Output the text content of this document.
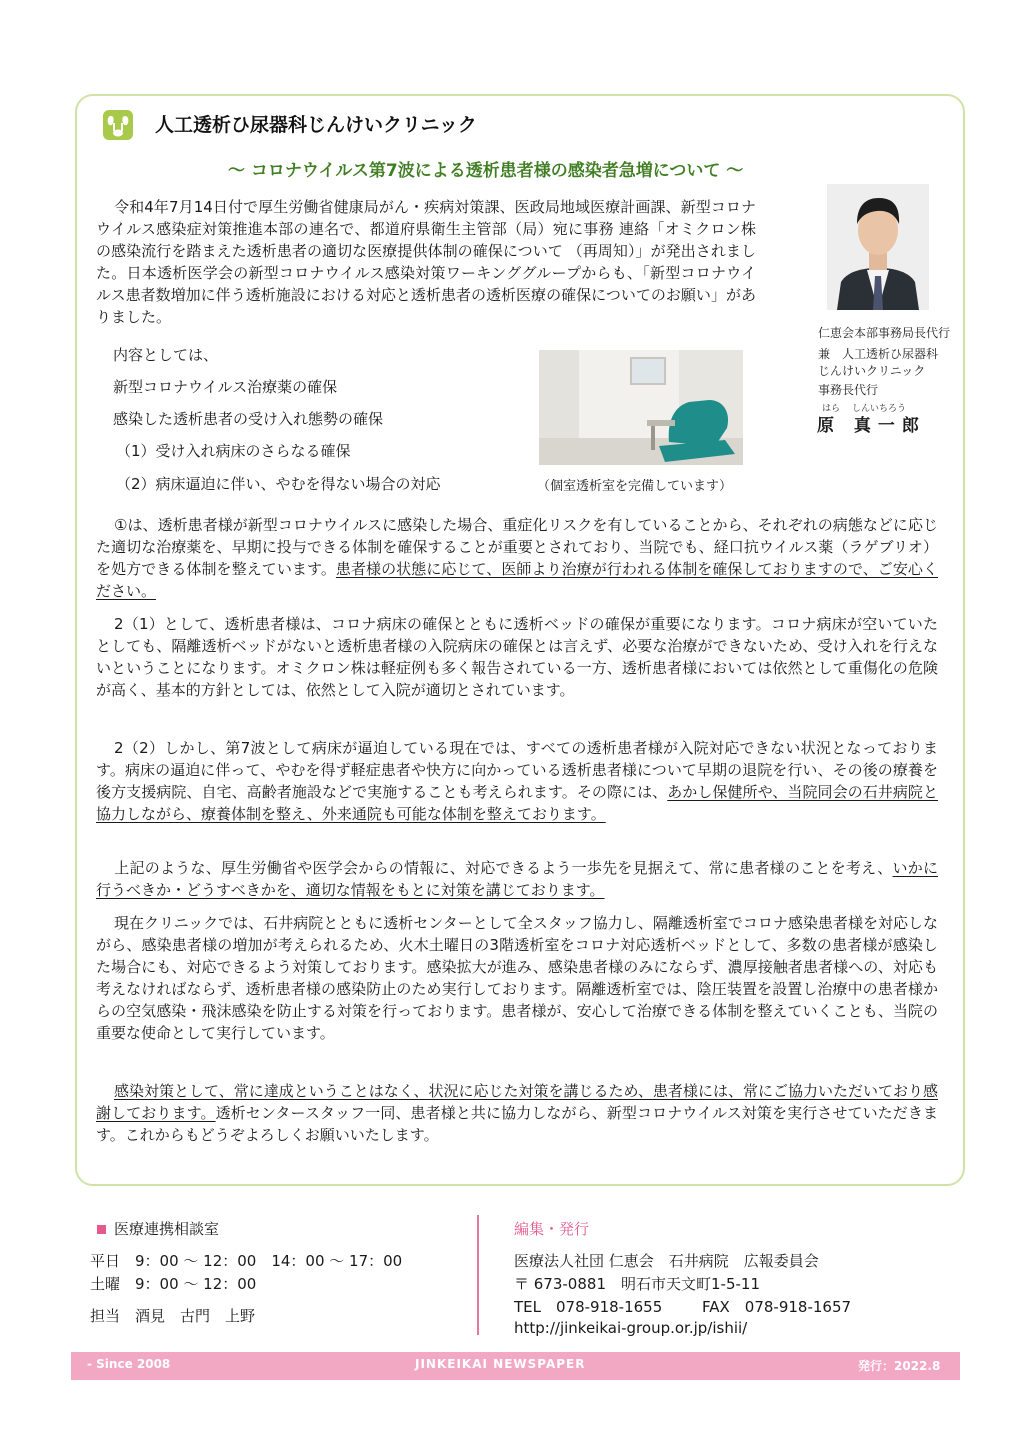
人工透析ひ尿器科じんけいクリニック
～ コロナウイルス第7波による透析患者様の感染者急増について ～

令和4年7月14日付で厚生労働省健康局がん・疾病対策課、医政局地域医療計画課、新型コロナウイルス感染症対策推進本部の連名で、都道府県衛生主管部（局）宛に事務 連絡「オミクロン株の感染流行を踏まえた透析患者の適切な医療提供体制の確保について （再周知）」が発出されました。日本透析医学会の新型コロナウイルス感染対策ワーキンググループからも、「新型コロナウイルス患者数増加に伴う透析施設における対応と透析患者の透析医療の確保についてのお願い」がありました。

仁恵会本部事務局長代行
兼　人工透析ひ尿器科
じんけいクリニック
事務長代行
はら しんいちろう
原 真一郎
内容としては、
新型コロナウイルス治療薬の確保
感染した透析患者の受け入れ態勢の確保
（1）受け入れ病床のさらなる確保
（2）病床逼迫に伴い、やむを得ない場合の対応	（個室透析室を完備しています）

①は、透析患者様が新型コロナウイルスに感染した場合、重症化リスクを有していることから、それぞれの病態などに応じた適切な治療薬を、早期に投与できる体制を確保することが重要とされており、当院でも、経口抗ウイルス薬（ラゲブリオ）を処方できる体制を整えています。患者様の状態に応じて、医師より治療が行われる体制を確保しておりますので、ご安心ください。

2（1）として、透析患者様は、コロナ病床の確保とともに透析ベッドの確保が重要になります。コロナ病床が空いていたとしても、隔離透析ベッドがないと透析患者様の入院病床の確保とは言えず、必要な治療ができないため、受け入れを行えないということになります。オミクロン株は軽症例も多く報告されている一方、透析患者様においては依然として重傷化の危険が高く、基本的方針としては、依然として入院が適切とされています。

2（2）しかし、第7波として病床が逼迫している現在では、すべての透析患者様が入院対応できない状況となっております。病床の逼迫に伴って、やむを得ず軽症患者や快方に向かっている透析患者様について早期の退院を行い、その後の療養を後方支援病院、自宅、高齢者施設などで実施することも考えられます。その際には、あかし保健所や、当院同会の石井病院と協力しながら、療養体制を整え、外来通院も可能な体制を整えております。

上記のような、厚生労働省や医学会からの情報に、対応できるよう一歩先を見据えて、常に患者様のことを考え、いかに行うべきか・どうすべきかを、適切な情報をもとに対策を講じております。

現在クリニックでは、石井病院とともに透析センターとして全スタッフ協力し、隔離透析室でコロナ感染患者様を対応しながら、感染患者様の増加が考えられるため、火木土曜日の3階透析室をコロナ対応透析ベッドとして、多数の患者様が感染した場合にも、対応できるよう対策しております。感染拡大が進み、感染患者様のみにならず、濃厚接触者患者様への、対応も考えなければならず、透析患者様の感染防止のため実行しております。隔離透析室では、陰圧装置を設置し治療中の患者様からの空気感染・飛沫感染を防止する対策を行っております。患者様が、安心して治療できる体制を整えていくことも、当院の重要な使命として実行しています。

感染対策として、常に達成ということはなく、状況に応じた対策を講じるため、患者様には、常にご協力いただいており感謝しております。透析センタースタッフ一同、患者様と共に協力しながら、新型コロナウイルス対策を実行させていただきます。これからもどうぞよろしくお願いいたします。

医療連携相談室
平日　9：00 ～ 12：00　14：00 ～ 17：00
土曜　9：00 ～ 12：00
担当　酒見　古門　上野
編集・発行
医療法人社団 仁恵会　石井病院　広報委員会
〒 673-0881　明石市天文町1-5-11
TEL　078-918-1655	FAX　078-918-1657
http://jinkeikai-group.or.jp/ishii/
- Since 2008	JINKEIKAI NEWSPAPER	発行：2022.8
